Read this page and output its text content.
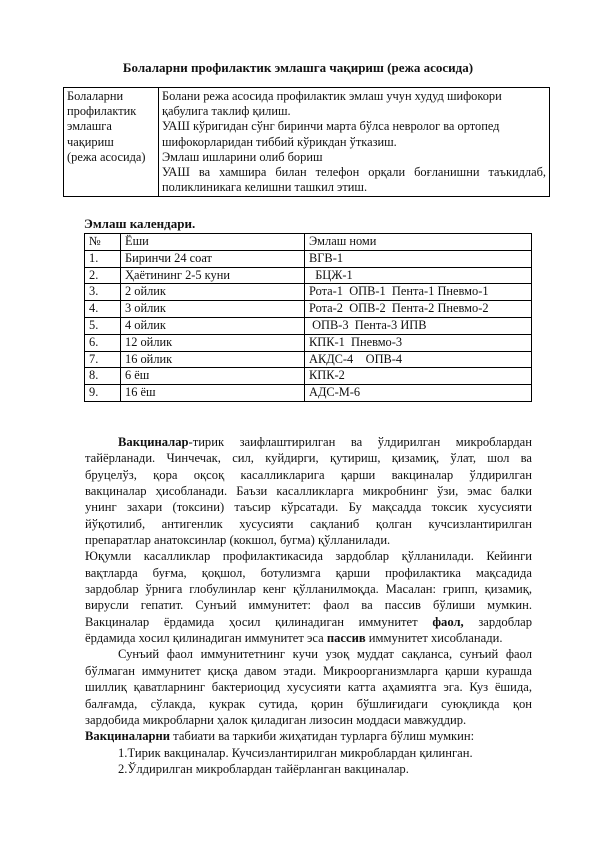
Болаларни профилактик эмлашга чақириш (режа асосида)
Болаларни
профилактик
эмлашга
чақириш
(режа асосида)

Болани режа асосида профилактик эмлаш учун худуд шифокори
қабулига таклиф қилиш.
УАШ кўригидан сўнг биринчи марта бўлса невролог ва ортопед
шифокорларидан тиббий кўрикдан ўтказиш.
Эмлаш ишларини олиб бориш
УАШ ва хамшира билан телефон орқали боғланишни таъкидлаб,
поликлиникага келишни ташкил этиш.
Эмлаш календари.
№	Ёши	Эмлаш номи
1.	Биринчи 24 соат	ВГВ-1
2.	Ҳаётининг 2-5 куни	БЦЖ-1
3.	2 ойлик	Рота-1  ОПВ-1  Пента-1 Пневмо-1
4.	3 ойлик	Рота-2  ОПВ-2  Пента-2 Пневмо-2
5.	4 ойлик	ОПВ-3  Пента-3 ИПВ
6.	12 ойлик	КПК-1  Пневмо-3
7.	16 ойлик	АКДС-4    ОПВ-4
8.	6 ёш	КПК-2
9.	16 ёш	АДС-М-6
Вакциналар-тирик заифлаштирилган ва ўлдирилган микроблардан
тайёрланади. Чинчечак, сил, куйдирги, қутириш, қизамиқ, ўлат, шол ва
бруцелўз, қора оқсоқ касалликларига қарши вакциналар ўлдирилган
вакциналар ҳисобланади. Баъзи касалликларга микробнинг ўзи, эмас балки
унинг захари (токсини) таъсир кўрсатади. Бу мақсадда токсик хусусияти
йўқотилиб, антигенлик хусусияти сақланиб қолган кучсизлантирилган
препаратлар анатоксинлар (кокшол, бугма) қўлланилади.
Юқумли касалликлар профилактикасида зардоблар қўлланилади. Кейинги
вақтларда буғма, қоқшол, ботулизмга қарши профилактика мақсадида
зардоблар ўрнига глобулинлар кенг қўлланилмоқда. Масалан: грипп, қизамиқ,
вирусли гепатит. Сунъий иммунитет: фаол ва пассив бўлиши мумкин.
Вакциналар ёрдамида ҳосил қилинадиган иммунитет фаол, зардоблар
ёрдамида хосил қилинадиган иммунитет эса пассив иммунитет хисобланади.
Сунъий фаол иммунитетнинг кучи узоқ муддат сақланса, сунъий фаол
бўлмаган иммунитет қисқа давом этади. Микроорганизмларга қарши курашда
шиллиқ қаватларнинг бактериоцид хусусияти катта аҳамиятга эга. Куз ёшида,
балғамда, сўлакда, кукрак сутида, қорин бўшлиғидаги суюқликда қон
зардобида микробларни ҳалок қиладиган лизосин моддаси мавжуддир.
Вакциналарни табиати ва таркиби жиҳатидан турларга бўлиш мумкин:
1.Тирик вакциналар. Кучсизлантирилган микроблардан қилинган.
2.Ўлдирилган микроблардан тайёрланган вакциналар.
